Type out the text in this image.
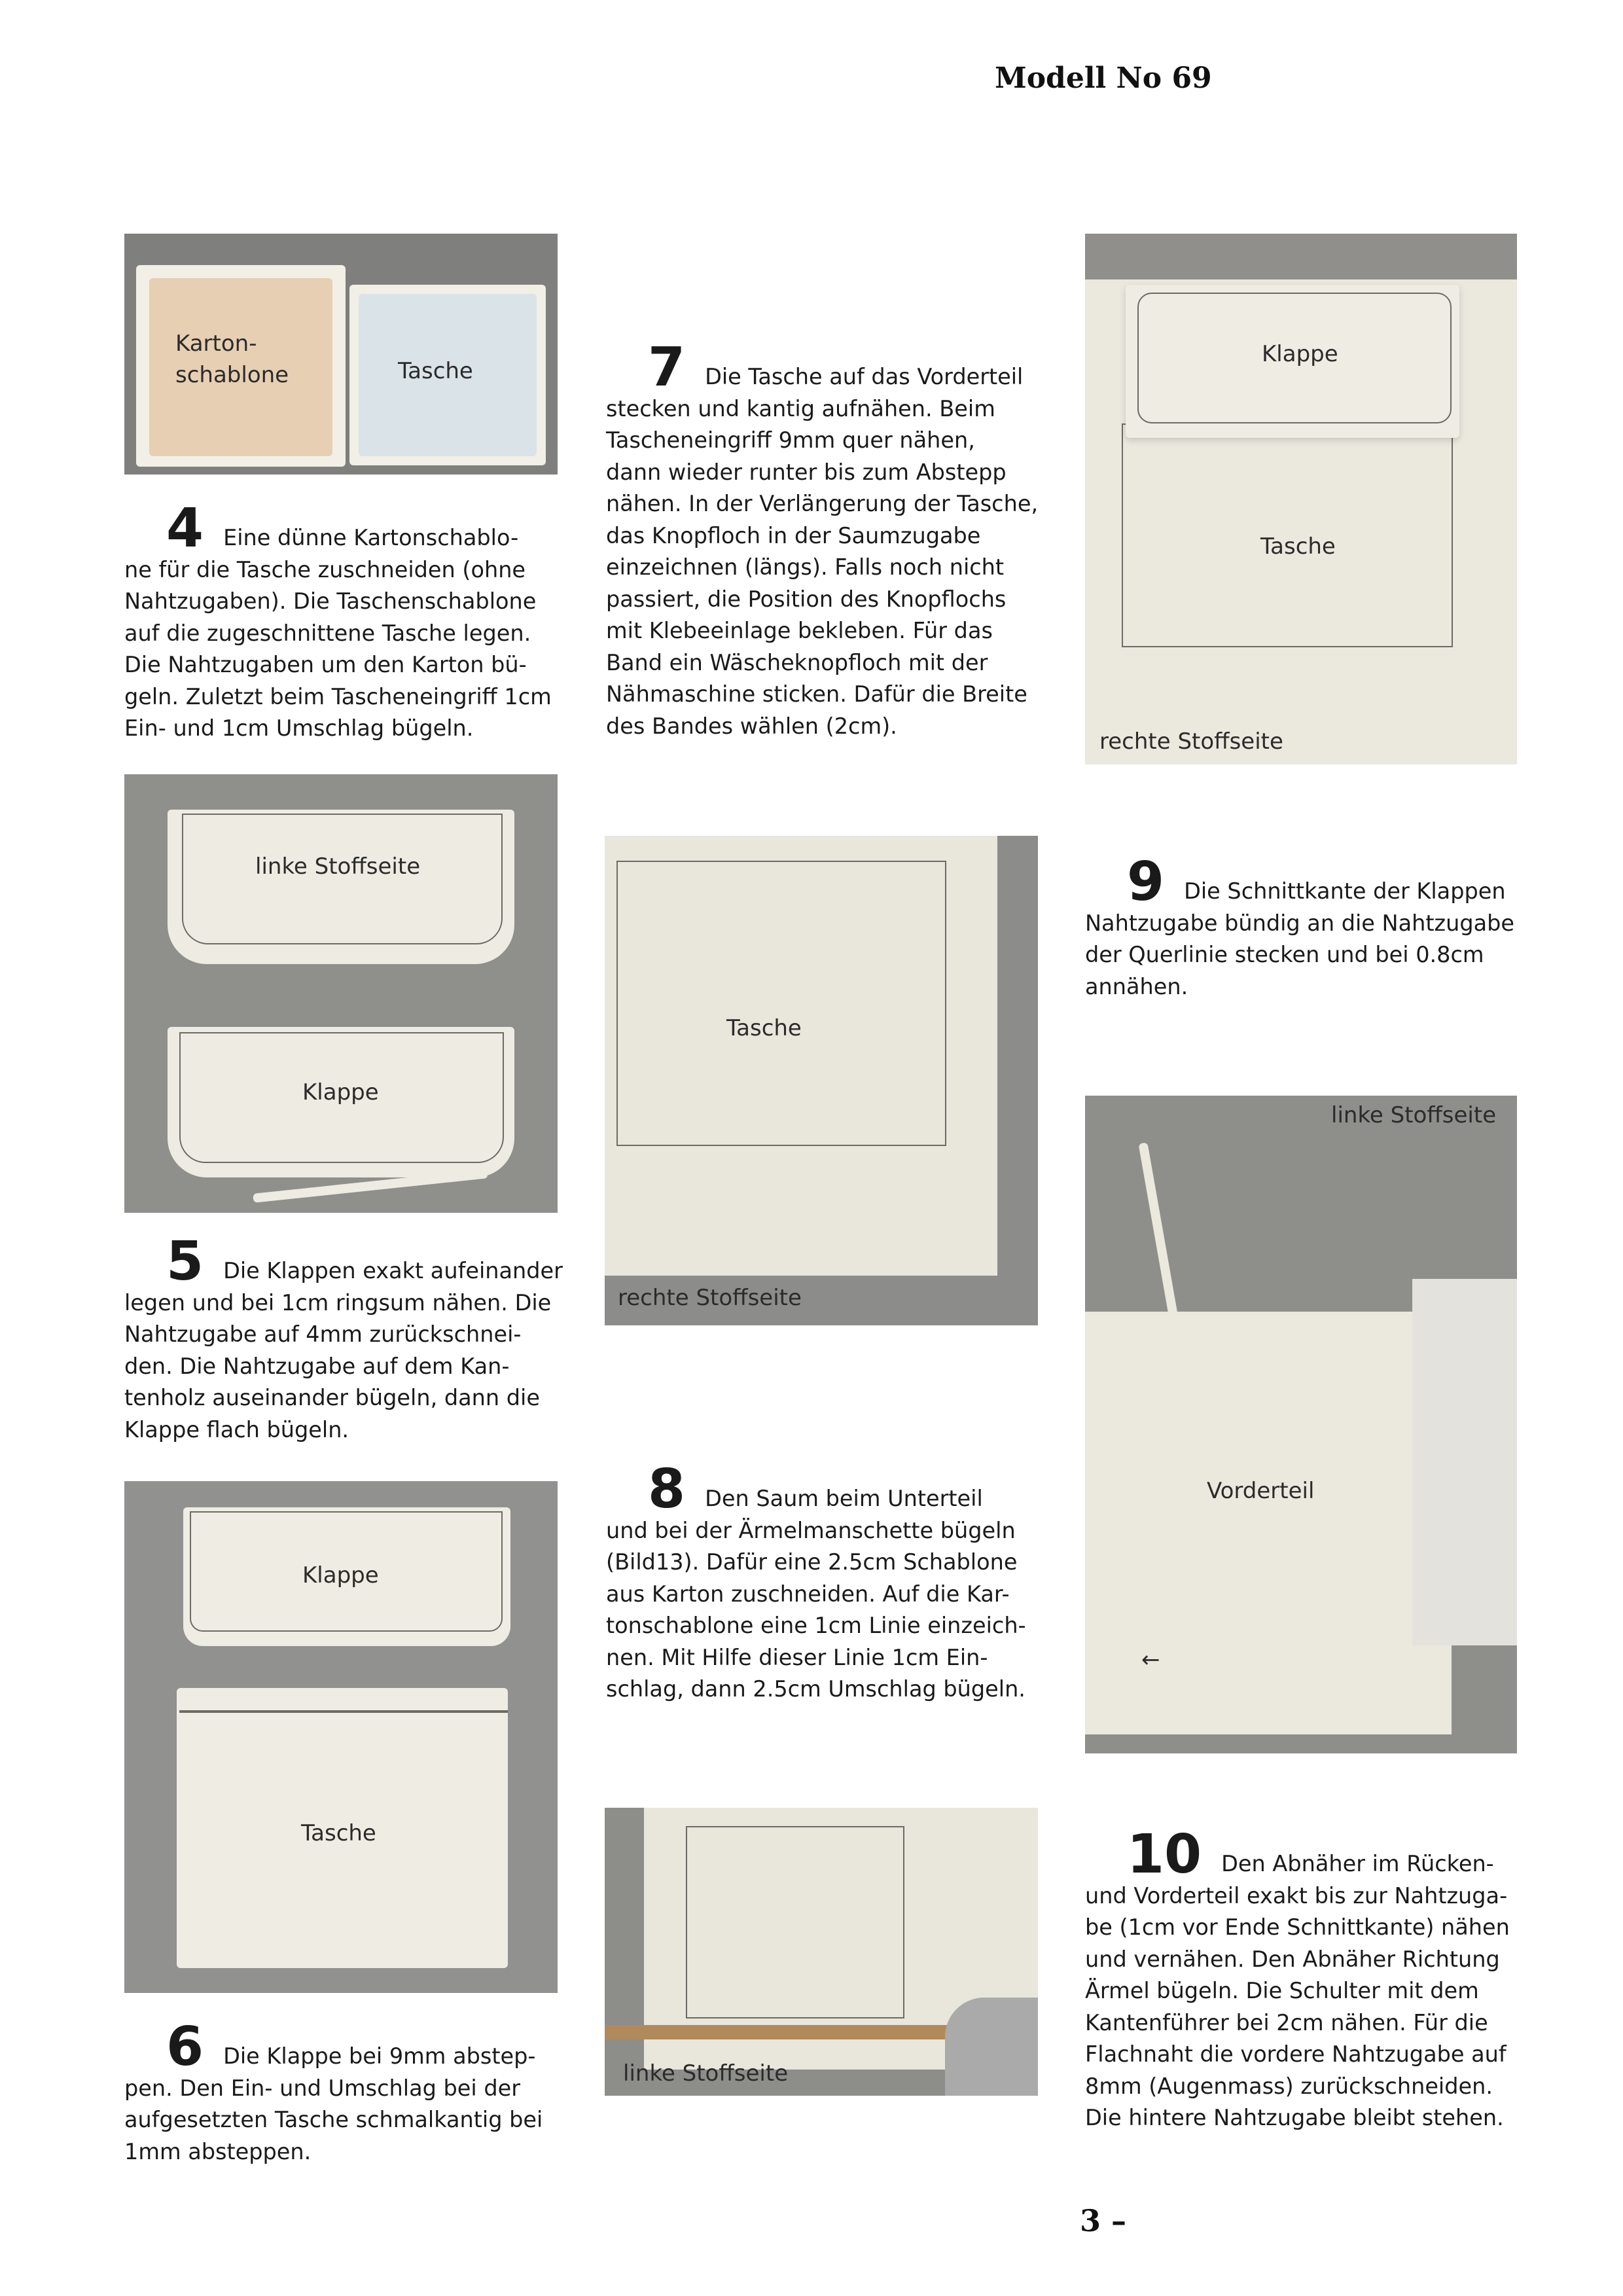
Modell No 69
Karton-
schablone	Tasche
Klappe
Tasche
rechte Stoffseite
4 Eine dünne Kartonschablo-
ne für die Tasche zuschneiden (ohne
Nahtzugaben). Die Taschenschablone
auf die zugeschnittene Tasche legen.
Die Nahtzugaben um den Karton bü-
geln. Zuletzt beim Tascheneingriff 1cm
Ein- und 1cm Umschlag bügeln.
7 Die Tasche auf das Vorderteil
stecken und kantig aufnähen. Beim
Tascheneingriff 9mm quer nähen,
dann wieder runter bis zum Abstepp
nähen. In der Verlängerung der Tasche,
das Knopfloch in der Saumzugabe
einzeichnen (längs). Falls noch nicht
passiert, die Position des Knopflochs
mit Klebeeinlage bekleben. Für das
Band ein Wäscheknopfloch mit der
Nähmaschine sticken. Dafür die Breite
des Bandes wählen (2cm).
linke Stoffseite
Klappe
Tasche
rechte Stoffseite
9 Die Schnittkante der Klappen
Nahtzugabe bündig an die Nahtzugabe
der Querlinie stecken und bei 0.8cm
annähen.
linke Stoffseite
Vorderteil
←
5 Die Klappen exakt aufeinander
legen und bei 1cm ringsum nähen. Die
Nahtzugabe auf 4mm zurückschnei-
den. Die Nahtzugabe auf dem Kan-
tenholz auseinander bügeln, dann die
Klappe flach bügeln.
8 Den Saum beim Unterteil
und bei der Ärmelmanschette bügeln
(Bild13). Dafür eine 2.5cm Schablone
aus Karton zuschneiden. Auf die Kar-
tonschablone eine 1cm Linie einzeich-
nen. Mit Hilfe dieser Linie 1cm Ein-
schlag, dann 2.5cm Umschlag bügeln.
Klappe
Tasche
linke Stoffseite
6 Die Klappe bei 9mm abstep-
pen. Den Ein- und Umschlag bei der
aufgesetzten Tasche schmalkantig bei
1mm absteppen.
10 Den Abnäher im Rücken-
und Vorderteil exakt bis zur Nahtzuga-
be (1cm vor Ende Schnittkante) nähen
und vernähen. Den Abnäher Richtung
Ärmel bügeln. Die Schulter mit dem
Kantenführer bei 2cm nähen. Für die
Flachnaht die vordere Nahtzugabe auf
8mm (Augenmass) zurückschneiden.
Die hintere Nahtzugabe bleibt stehen.
3 –
